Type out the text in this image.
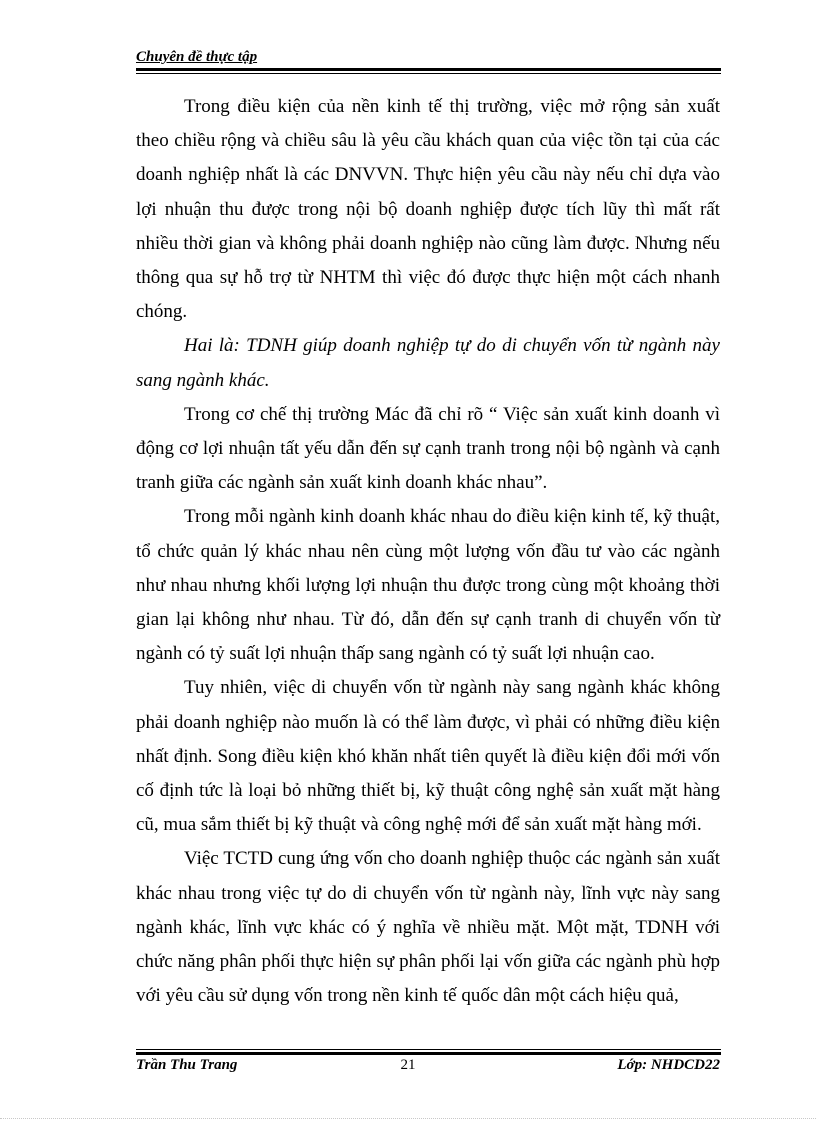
Chuyên đề thực tập

Trong điều kiện của nền kinh tế thị trường, việc mở rộng sản xuất theo chiều rộng và chiều sâu là yêu cầu khách quan của việc tồn tại của các doanh nghiệp nhất là các DNVVN. Thực hiện yêu cầu này nếu chỉ dựa vào lợi nhuận thu được trong nội bộ doanh nghiệp được tích lũy thì mất rất nhiều thời gian và không phải doanh nghiệp nào cũng làm được. Nhưng nếu thông qua sự hỗ trợ từ NHTM thì việc đó được thực hiện một cách nhanh chóng.

Hai là: TDNH giúp doanh nghiệp tự do di chuyển vốn từ ngành này sang ngành khác.

Trong cơ chế thị trường Mác đã chỉ rõ “ Việc sản xuất kinh doanh vì động cơ lợi nhuận tất yếu dẫn đến sự cạnh tranh trong nội bộ ngành và cạnh tranh giữa các ngành sản xuất kinh doanh khác nhau”.

Trong mỗi ngành kinh doanh khác nhau do điều kiện kinh tế, kỹ thuật, tổ chức quản lý khác nhau nên cùng một lượng vốn đầu tư vào các ngành như nhau nhưng khối lượng lợi nhuận thu được trong cùng một khoảng thời gian lại không như nhau. Từ đó, dẫn đến sự cạnh tranh di chuyển vốn từ ngành có tỷ suất lợi nhuận thấp sang ngành có tỷ suất lợi nhuận cao.

Tuy nhiên, việc di chuyển vốn từ ngành này sang ngành khác không phải doanh nghiệp nào muốn là có thể làm được, vì phải có những điều kiện nhất định. Song điều kiện khó khăn nhất tiên quyết là điều kiện đổi mới vốn cố định tức là loại bỏ những thiết bị, kỹ thuật công nghệ sản xuất mặt hàng cũ, mua sắm thiết bị kỹ thuật và công nghệ mới để sản xuất mặt hàng mới.

Việc TCTD cung ứng vốn cho doanh nghiệp thuộc các ngành sản xuất khác nhau trong việc tự do di chuyển vốn từ ngành này, lĩnh vực này sang ngành khác, lĩnh vực khác có ý nghĩa về nhiều mặt. Một mặt, TDNH với chức năng phân phối thực hiện sự phân phối lại vốn giữa các ngành phù hợp với yêu cầu sử dụng vốn trong nền kinh tế quốc dân một cách hiệu quả,

Trần Thu Trang	21	Lớp: NHDCD22
